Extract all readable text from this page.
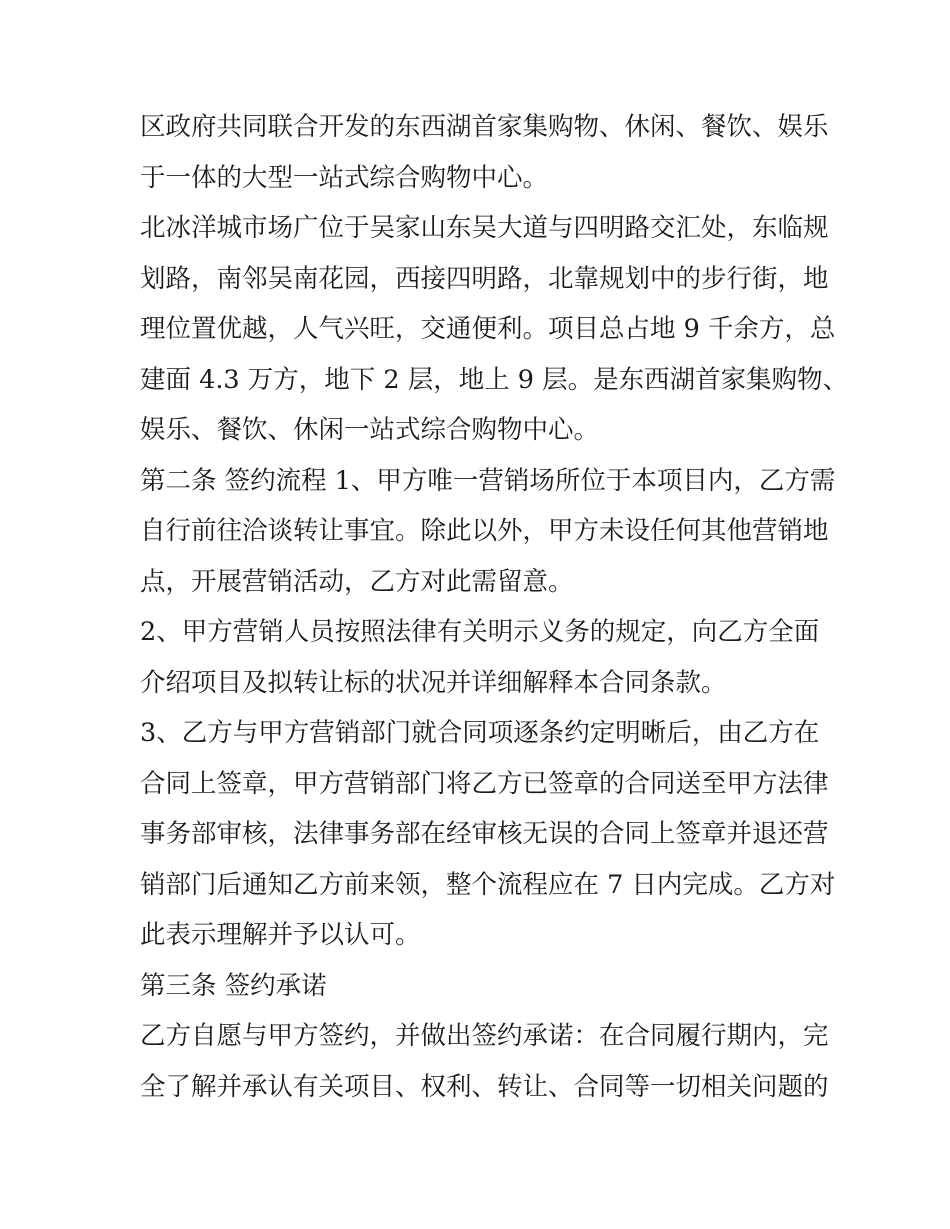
区政府共同联合开发的东西湖首家集购物、休闲、餐饮、娱乐
于一体的大型一站式综合购物中心。
北冰洋城市场广位于吴家山东吴大道与四明路交汇处，东临规
划路，南邻吴南花园，西接四明路，北靠规划中的步行街，地
理位置优越，人气兴旺，交通便利。项目总占地 9 千余方，总
建面 4.3 万方，地下 2 层，地上 9 层。是东西湖首家集购物、
娱乐、餐饮、休闲一站式综合购物中心。
第二条 签约流程 1、甲方唯一营销场所位于本项目内，乙方需
自行前往洽谈转让事宜。除此以外，甲方未设任何其他营销地
点，开展营销活动，乙方对此需留意。
2、甲方营销人员按照法律有关明示义务的规定，向乙方全面
介绍项目及拟转让标的状况并详细解释本合同条款。
3、乙方与甲方营销部门就合同项逐条约定明晰后，由乙方在
合同上签章，甲方营销部门将乙方已签章的合同送至甲方法律
事务部审核，法律事务部在经审核无误的合同上签章并退还营
销部门后通知乙方前来领，整个流程应在 7 日内完成。乙方对
此表示理解并予以认可。
第三条 签约承诺
乙方自愿与甲方签约，并做出签约承诺：在合同履行期内，完
全了解并承认有关项目、权利、转让、合同等一切相关问题的
